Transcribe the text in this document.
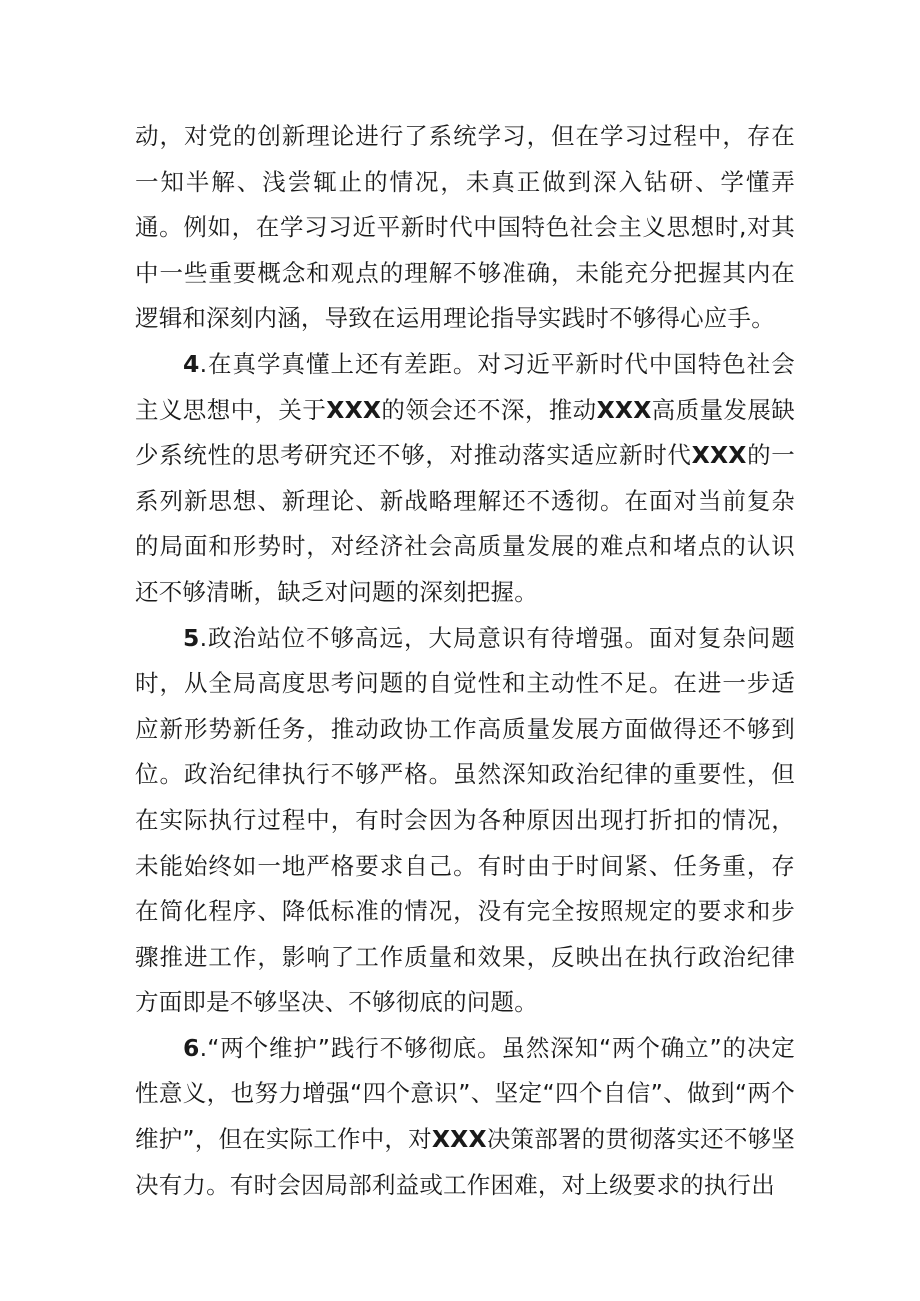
动，对党的创新理论进行了系统学习，但在学习过程中，存在一知半解、浅尝辄止的情况，未真正做到深入钻研、学懂弄通。例如，在学习习近平新时代中国特色社会主义思想时,对其中一些重要概念和观点的理解不够准确，未能充分把握其内在逻辑和深刻内涵，导致在运用理论指导实践时不够得心应手。

4.在真学真懂上还有差距。对习近平新时代中国特色社会主义思想中，关于XXX的领会还不深，推动XXX高质量发展缺少系统性的思考研究还不够，对推动落实适应新时代XXX的一系列新思想、新理论、新战略理解还不透彻。在面对当前复杂的局面和形势时，对经济社会高质量发展的难点和堵点的认识还不够清晰，缺乏对问题的深刻把握。

5.政治站位不够高远，大局意识有待增强。面对复杂问题时，从全局高度思考问题的自觉性和主动性不足。在进一步适应新形势新任务，推动政协工作高质量发展方面做得还不够到位。政治纪律执行不够严格。虽然深知政治纪律的重要性，但在实际执行过程中，有时会因为各种原因出现打折扣的情况，未能始终如一地严格要求自己。有时由于时间紧、任务重，存在简化程序、降低标准的情况，没有完全按照规定的要求和步骤推进工作，影响了工作质量和效果，反映出在执行政治纪律方面即是不够坚决、不够彻底的问题。

6.“两个维护”践行不够彻底。虽然深知“两个确立”的决定性意义，也努力增强“四个意识”、坚定“四个自信”、做到“两个维护”，但在实际工作中，对XXX决策部署的贯彻落实还不够坚决有力。有时会因局部利益或工作困难，对上级要求的执行出
